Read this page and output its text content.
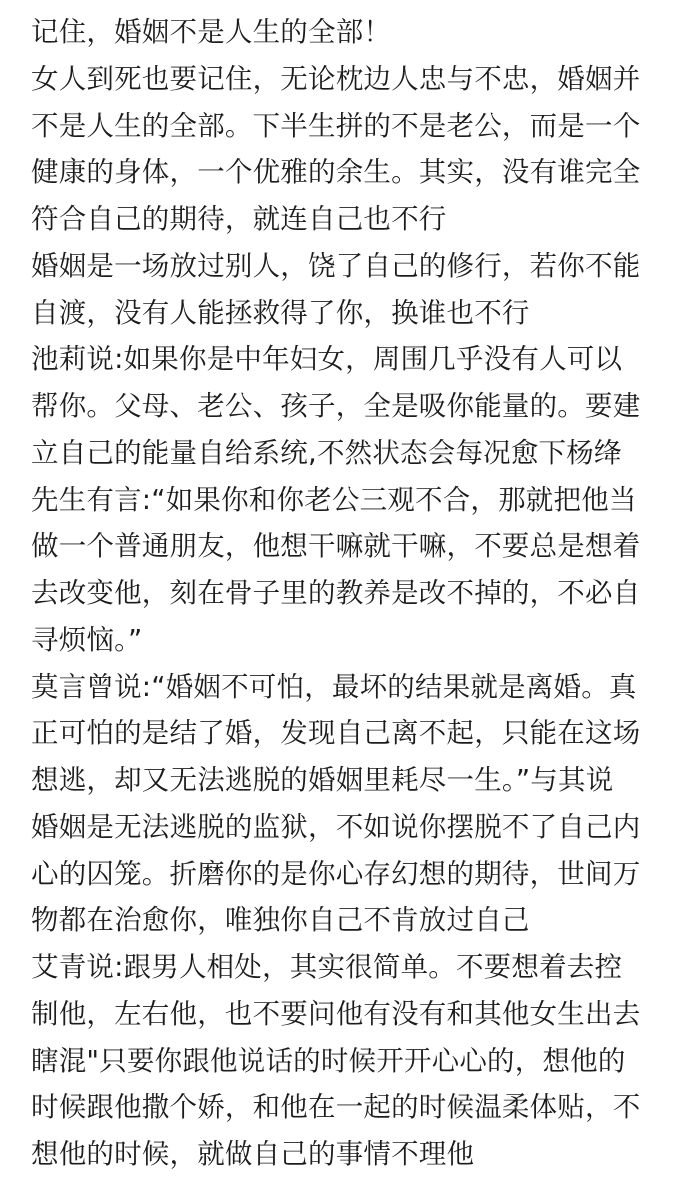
记住，婚姻不是人生的全部！
女人到死也要记住，无论枕边人忠与不忠，婚姻并
不是人生的全部。下半生拼的不是老公，而是一个
健康的身体，一个优雅的余生。其实，没有谁完全
符合自己的期待，就连自己也不行
婚姻是一场放过别人，饶了自己的修行，若你不能
自渡，没有人能拯救得了你，换谁也不行
池莉说:如果你是中年妇女，周围几乎没有人可以
帮你。父母、老公、孩子，全是吸你能量的。要建
立自己的能量自给系统,不然状态会每况愈下杨绛
先生有言:“如果你和你老公三观不合，那就把他当
做一个普通朋友，他想干嘛就干嘛，不要总是想着
去改变他，刻在骨子里的教养是改不掉的，不必自
寻烦恼。”
莫言曾说:“婚姻不可怕，最坏的结果就是离婚。真
正可怕的是结了婚，发现自己离不起，只能在这场
想逃，却又无法逃脱的婚姻里耗尽一生。”与其说
婚姻是无法逃脱的监狱，不如说你摆脱不了自己内
心的囚笼。折磨你的是你心存幻想的期待，世间万
物都在治愈你，唯独你自己不肯放过自己
艾青说:跟男人相处，其实很简单。不要想着去控
制他，左右他，也不要问他有没有和其他女生出去
瞎混"只要你跟他说话的时候开开心心的，想他的
时候跟他撒个娇，和他在一起的时候温柔体贴，不
想他的时候，就做自己的事情不理他
